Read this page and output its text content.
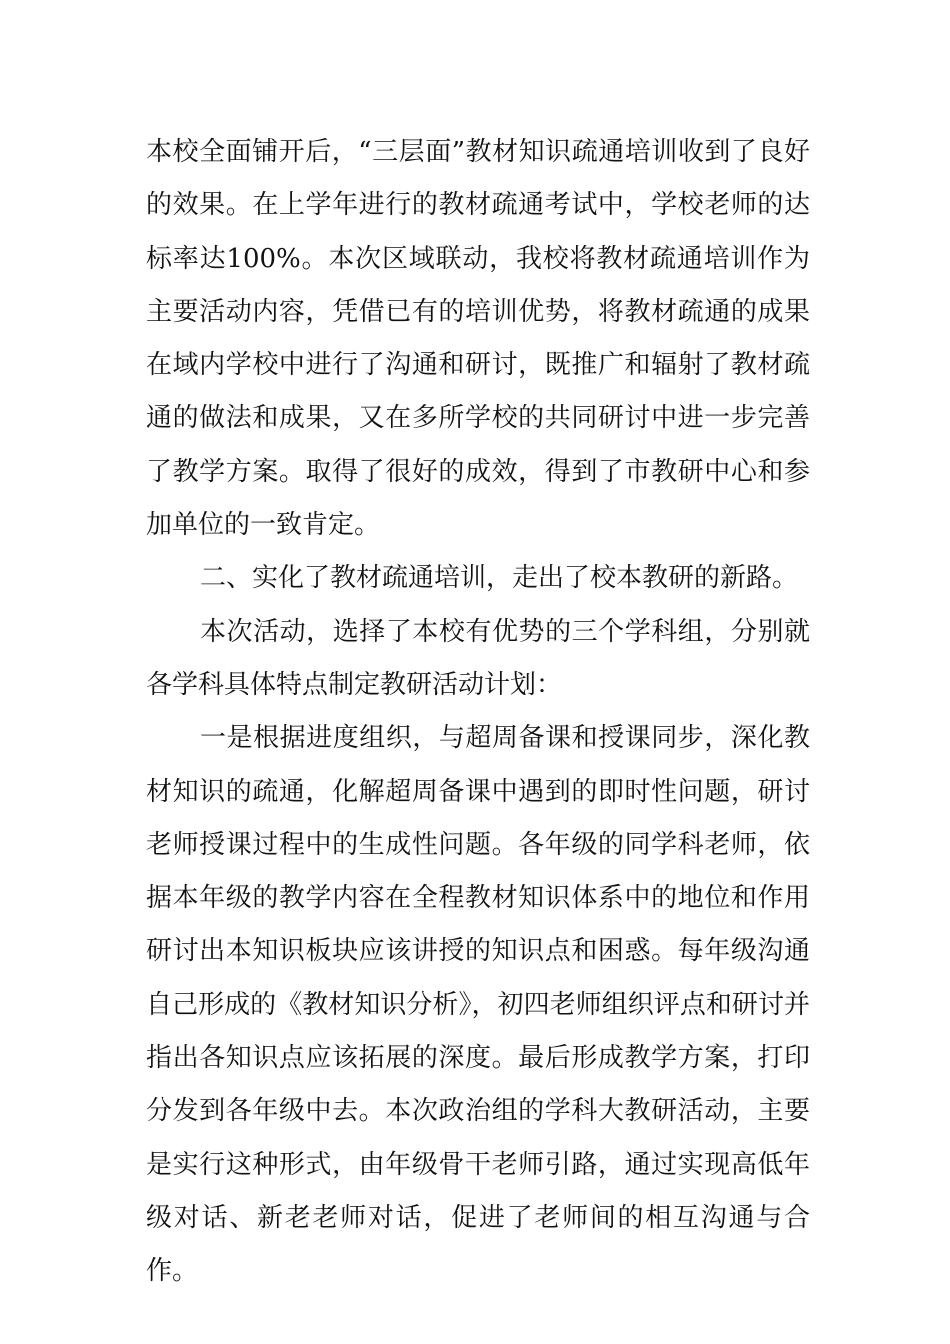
本校全面铺开后，“三层面”教材知识疏通培训收到了良好的效果。在上学年进行的教材疏通考试中，学校老师的达标率达100%。本次区域联动，我校将教材疏通培训作为主要活动内容，凭借已有的培训优势，将教材疏通的成果在域内学校中进行了沟通和研讨，既推广和辐射了教材疏通的做法和成果，又在多所学校的共同研讨中进一步完善了教学方案。取得了很好的成效，得到了市教研中心和参加单位的一致肯定。

二、实化了教材疏通培训，走出了校本教研的新路。

本次活动，选择了本校有优势的三个学科组，分别就各学科具体特点制定教研活动计划：

一是根据进度组织，与超周备课和授课同步，深化教材知识的疏通，化解超周备课中遇到的即时性问题，研讨老师授课过程中的生成性问题。各年级的同学科老师，依据本年级的教学内容在全程教材知识体系中的地位和作用研讨出本知识板块应该讲授的知识点和困惑。每年级沟通自己形成的《教材知识分析》，初四老师组织评点和研讨并指出各知识点应该拓展的深度。最后形成教学方案，打印分发到各年级中去。本次政治组的学科大教研活动，主要是实行这种形式，由年级骨干老师引路，通过实现高低年级对话、新老老师对话，促进了老师间的相互沟通与合作。
